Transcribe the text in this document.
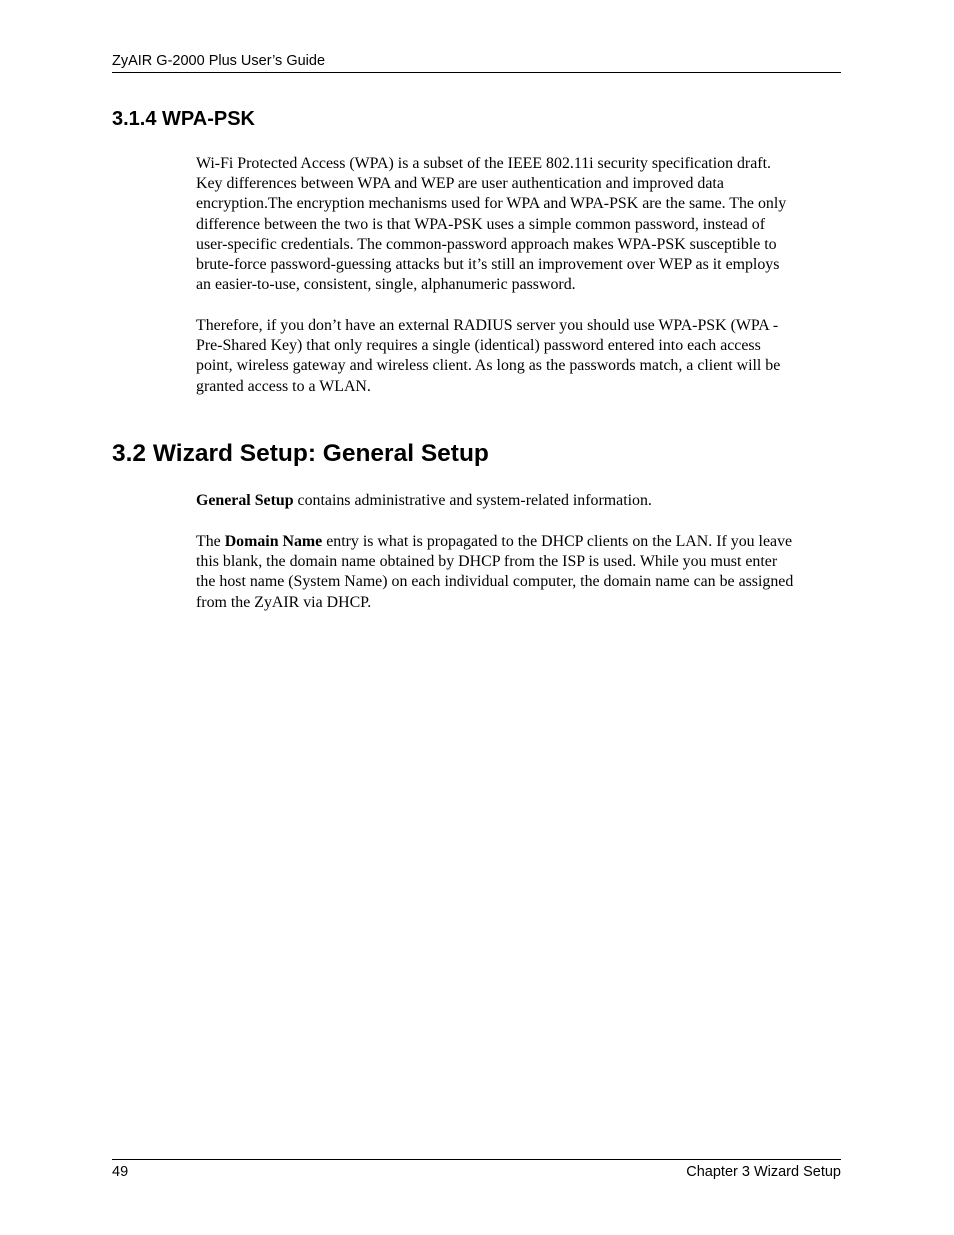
ZyAIR G-2000 Plus User’s Guide
3.1.4 WPA-PSK

Wi-Fi Protected Access (WPA) is a subset of the IEEE 802.11i security specification draft.
Key differences between WPA and WEP are user authentication and improved data
encryption.The encryption mechanisms used for WPA and WPA-PSK are the same. The only
difference between the two is that WPA-PSK uses a simple common password, instead of
user-specific credentials. The common-password approach makes WPA-PSK susceptible to
brute-force password-guessing attacks but it’s still an improvement over WEP as it employs
an easier-to-use, consistent, single, alphanumeric password.

Therefore, if you don’t have an external RADIUS server you should use WPA-PSK (WPA -
Pre-Shared Key) that only requires a single (identical) password entered into each access
point, wireless gateway and wireless client. As long as the passwords match, a client will be
granted access to a WLAN.

3.2 Wizard Setup: General Setup

General Setup contains administrative and system-related information.

The Domain Name entry is what is propagated to the DHCP clients on the LAN. If you leave
this blank, the domain name obtained by DHCP from the ISP is used. While you must enter
the host name (System Name) on each individual computer, the domain name can be assigned
from the ZyAIR via DHCP.

49	Chapter 3 Wizard Setup
